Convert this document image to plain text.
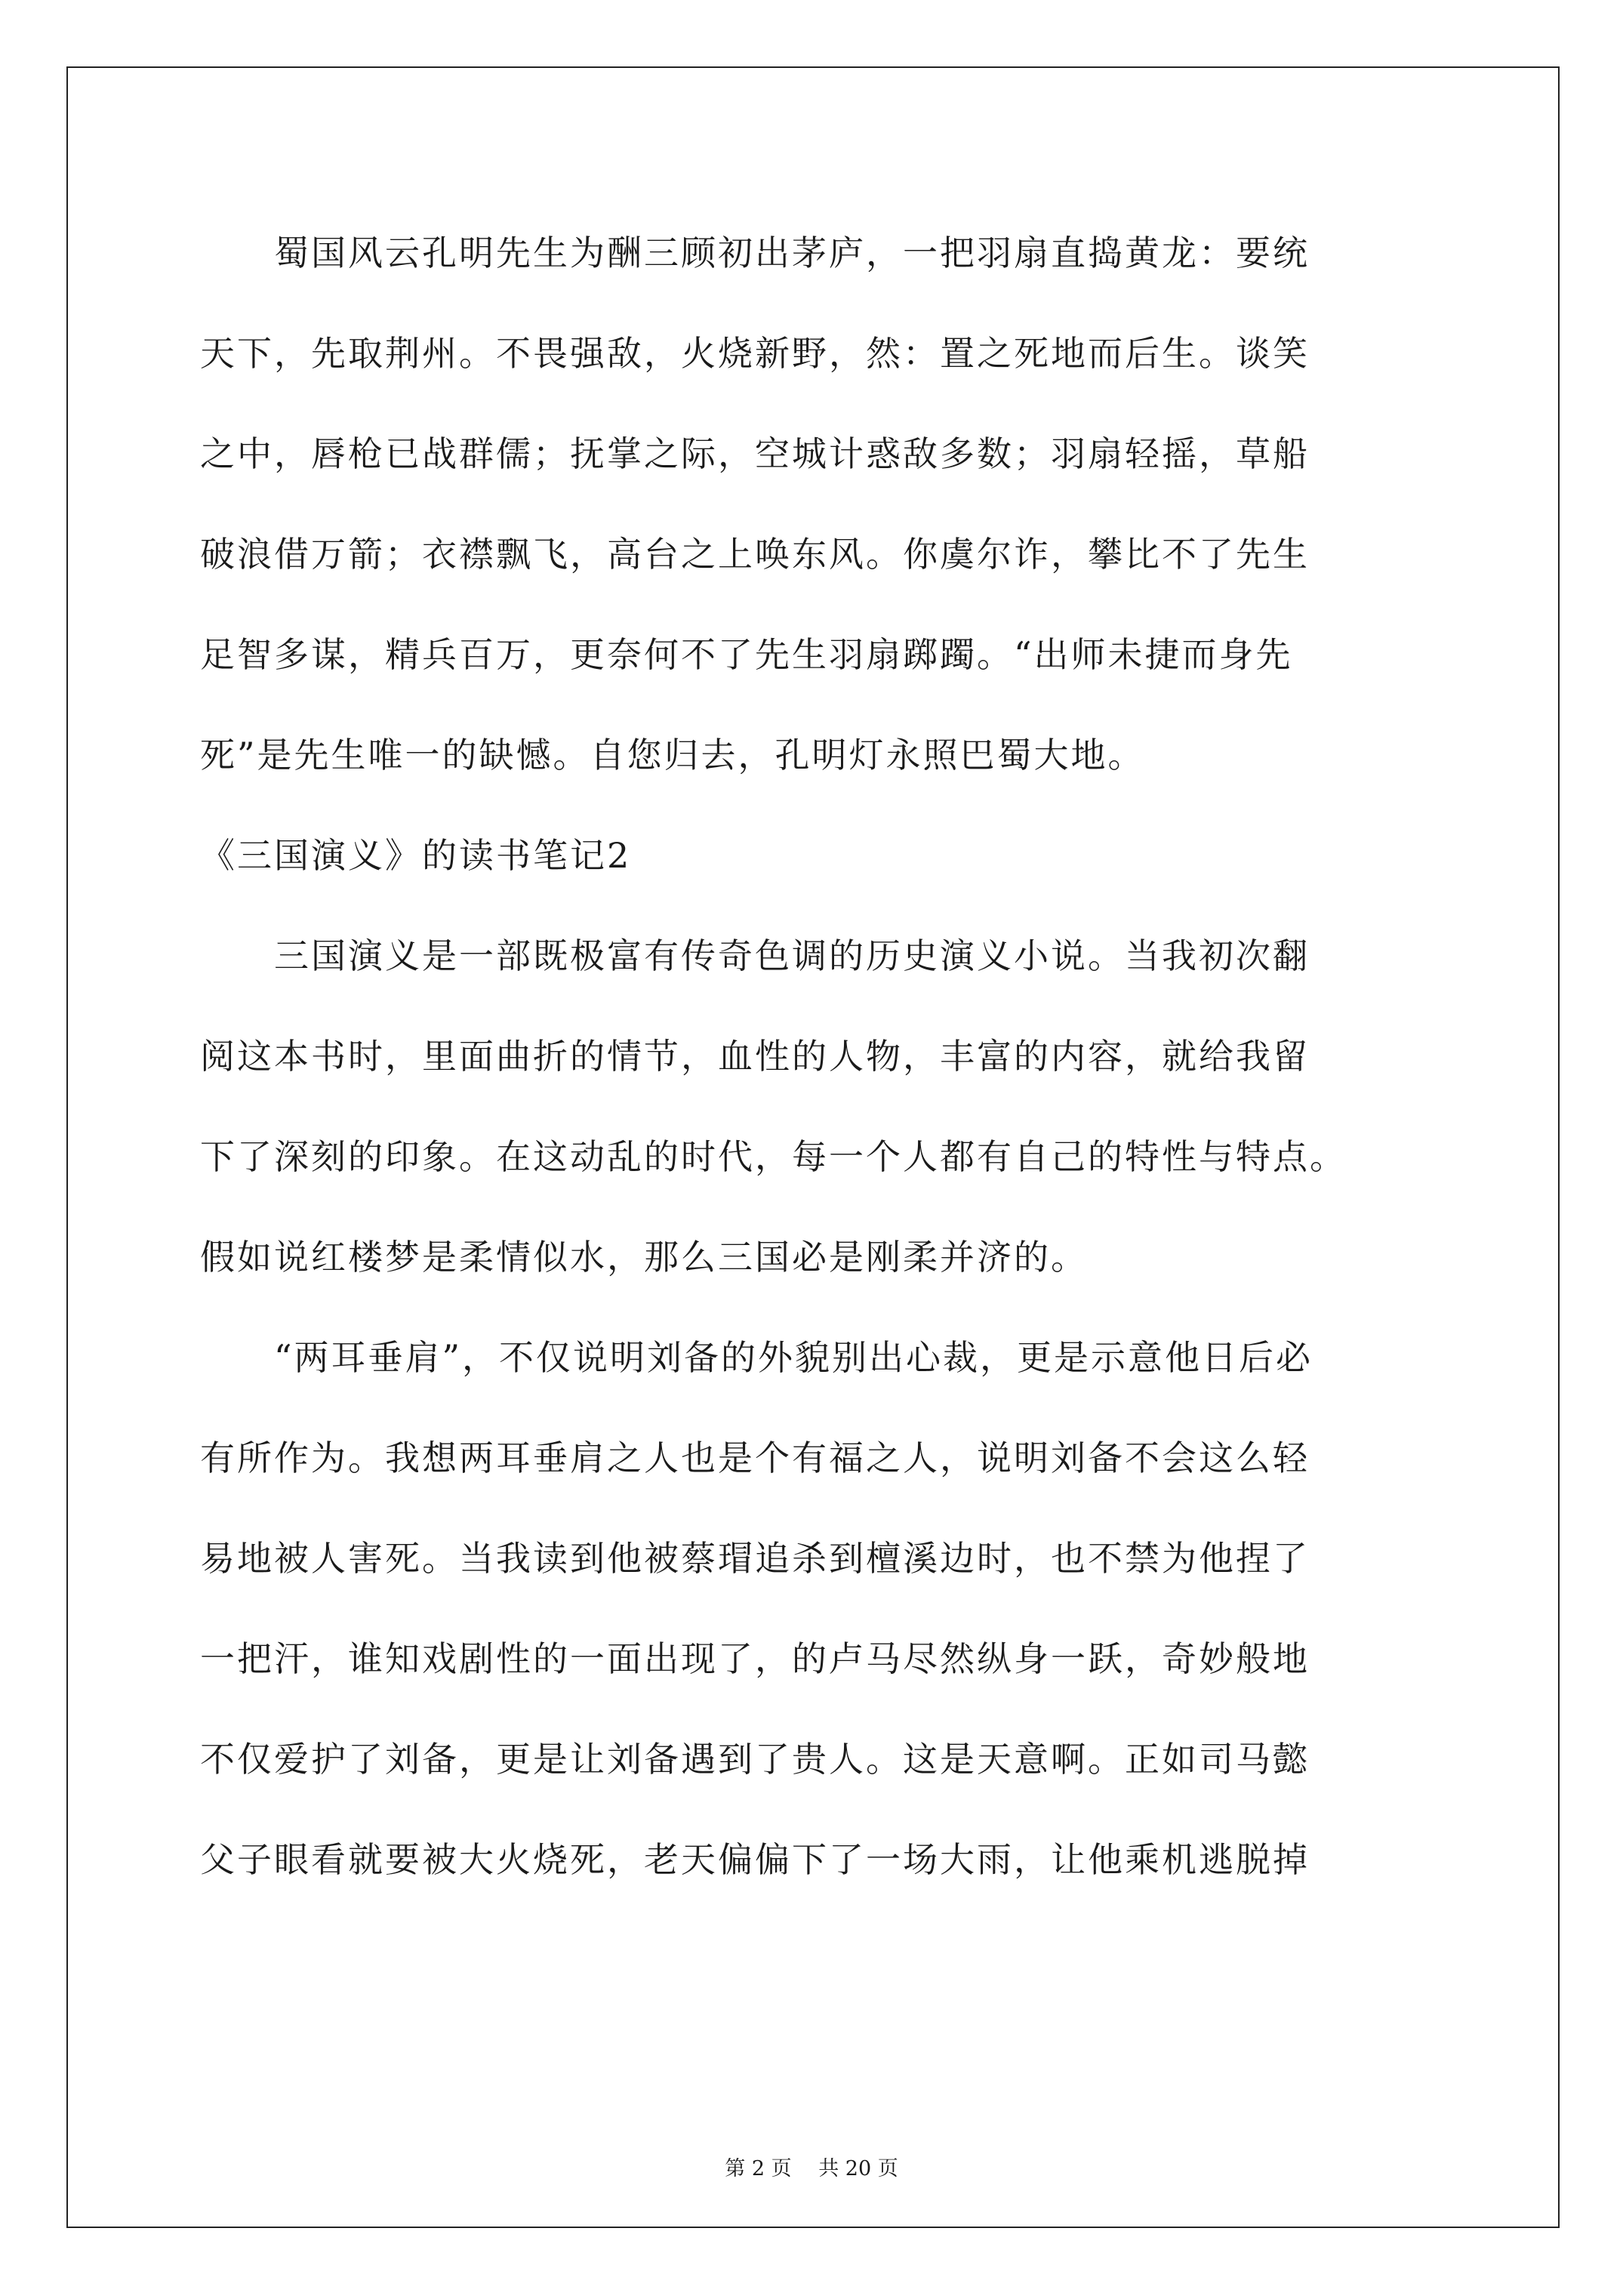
　　蜀国风云孔明先生为酬三顾初出茅庐，一把羽扇直捣黄龙：要统
天下，先取荆州。不畏强敌，火烧新野，然：置之死地而后生。谈笑
之中，唇枪已战群儒；抚掌之际，空城计惑敌多数；羽扇轻摇，草船
破浪借万箭；衣襟飘飞，高台之上唤东风。你虞尔诈，攀比不了先生
足智多谋，精兵百万，更奈何不了先生羽扇踯躅。“出师未捷而身先
死”是先生唯一的缺憾。自您归去，孔明灯永照巴蜀大地。
《三国演义》的读书笔记2
　　三国演义是一部既极富有传奇色调的历史演义小说。当我初次翻
阅这本书时，里面曲折的情节，血性的人物，丰富的内容，就给我留
下了深刻的印象。在这动乱的时代，每一个人都有自己的特性与特点。
假如说红楼梦是柔情似水，那么三国必是刚柔并济的。
　　“两耳垂肩”，不仅说明刘备的外貌别出心裁，更是示意他日后必
有所作为。我想两耳垂肩之人也是个有福之人，说明刘备不会这么轻
易地被人害死。当我读到他被蔡瑁追杀到檀溪边时，也不禁为他捏了
一把汗，谁知戏剧性的一面出现了，的卢马尽然纵身一跃，奇妙般地
不仅爱护了刘备，更是让刘备遇到了贵人。这是天意啊。正如司马懿
父子眼看就要被大火烧死，老天偏偏下了一场大雨，让他乘机逃脱掉
第 2 页　 共 20 页
